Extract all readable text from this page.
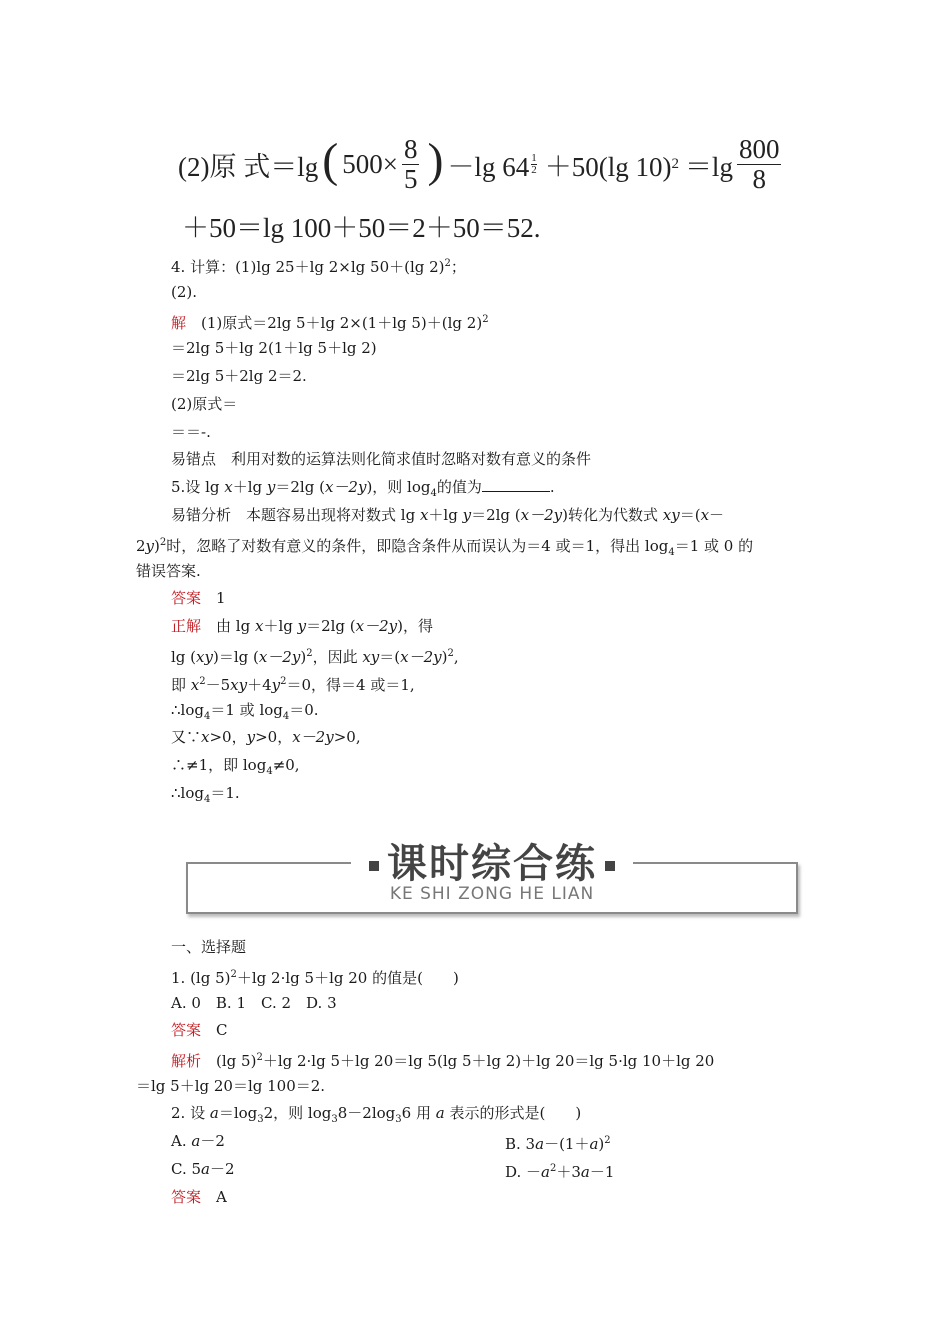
(2)原 式＝lg ( $500\times \frac{8}{5}$ ) －lg $64 \frac{1}{2} +50(\lg$ 10) $2 =\lg \frac{800}{8}$
＋50＝lg 100＋50＝2＋50＝52.
4. 计算：(1)lg 25＋lg 2×lg 50＋(lg 2)$^2$；
(2).
解　 (1)原式＝2lg 5＋lg 2×(1＋lg 5)＋(lg 2)$^2$
＝2lg 5＋lg 2(1＋lg 5＋lg 2)
＝2lg 5＋2lg 2＝2.
(2)原式＝
＝＝-.
易错点　利用对数的运算法则化简求值时忽略对数有意义的条件
5.设 lg x＋lg y＝2lg (x－2y)，则 $\log_4$的值为	.
易错分析　本题容易出现将对数式 lg x＋lg y＝2lg (x－2y)转化为代数式 xy＝(x－
2y)$^2$时，忽略了对数有意义的条件，即隐含条件从而误认为＝4 或＝1，得出 $\log_4=1$ 或 0 的
错误答案.
答案　 1
正解　 由 lg x＋lg y＝2lg (x－2y)，得
lg (xy)＝lg $(x-2y)^2$，因此 $xy=(x-2y)^2$,
即 $x^2-5xy+4y^2=0$，得＝4 或＝1,
$\therefore\log_4=1$ 或 $\log_4=0$.
又∵x>0，y>0，x－2y>0,
∴≠1，即 $\log_4\ne 0$,
$\therefore\log_4=1$.
课时综合练
KE SHI ZONG HE LIAN
一、选择题
1. (lg 5)$^2$＋lg 2·lg 5＋lg 20 的值是(　　)
A. 0　B. 1　C. 2　D. 3
答案　 C
解析　 (lg 5)$^2$＋lg 2·lg 5＋lg 20＝lg 5(lg 5＋lg 2)＋lg 20＝lg 5·lg 10＋lg 20
＝lg 5＋lg 20＝lg 100＝2.
2. 设 $a=\log_32$，则 $\log_38-2\log_36$ 用 a 表示的形式是(　　)
A. a－2	B. $3a-(1+a)^2$
C. 5a－2	D. $-a^2+3a-1$
答案　 A
